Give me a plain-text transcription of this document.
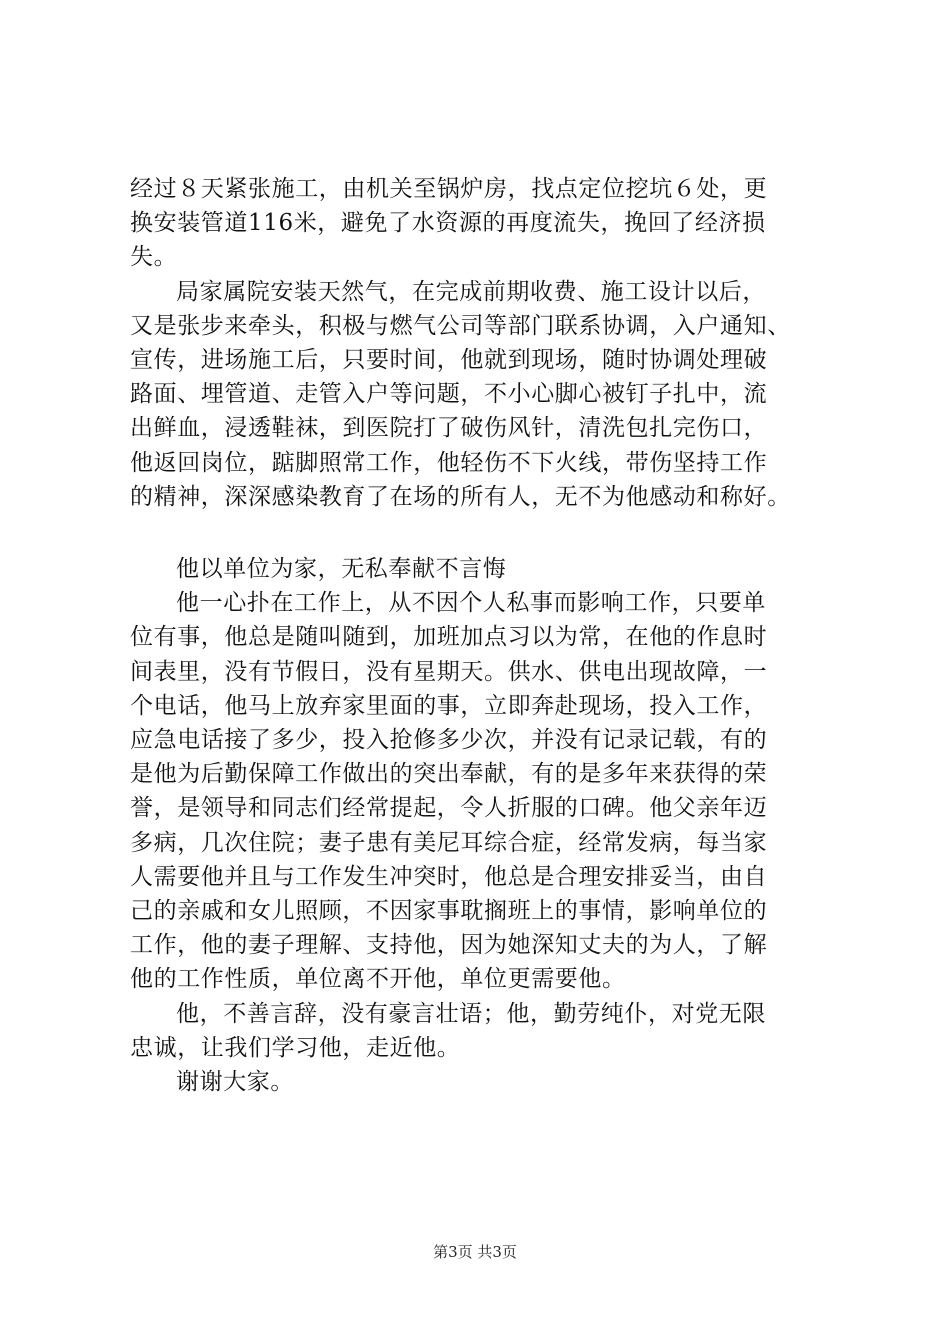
经过８天紧张施工，由机关至锅炉房，找点定位挖坑６处，更
换安装管道116米，避免了水资源的再度流失，挽回了经济损
失。
局家属院安装天然气，在完成前期收费、施工设计以后，
又是张步来牵头，积极与燃气公司等部门联系协调，入户通知、
宣传，进场施工后，只要时间，他就到现场，随时协调处理破
路面、埋管道、走管入户等问题，不小心脚心被钉子扎中，流
出鲜血，浸透鞋袜，到医院打了破伤风针，清洗包扎完伤口，
他返回岗位，踮脚照常工作，他轻伤不下火线，带伤坚持工作
的精神，深深感染教育了在场的所有人，无不为他感动和称好。
他以单位为家，无私奉献不言悔
他一心扑在工作上，从不因个人私事而影响工作，只要单
位有事，他总是随叫随到，加班加点习以为常，在他的作息时
间表里，没有节假日，没有星期天。供水、供电出现故障，一
个电话，他马上放弃家里面的事，立即奔赴现场，投入工作，
应急电话接了多少，投入抢修多少次，并没有记录记载，有的
是他为后勤保障工作做出的突出奉献，有的是多年来获得的荣
誉，是领导和同志们经常提起，令人折服的口碑。他父亲年迈
多病，几次住院；妻子患有美尼耳综合症，经常发病，每当家
人需要他并且与工作发生冲突时，他总是合理安排妥当，由自
己的亲戚和女儿照顾，不因家事耽搁班上的事情，影响单位的
工作，他的妻子理解、支持他，因为她深知丈夫的为人，了解
他的工作性质，单位离不开他，单位更需要他。
他，不善言辞，没有豪言壮语；他，勤劳纯仆，对党无限
忠诚，让我们学习他，走近他。
谢谢大家。
第3页 共3页
